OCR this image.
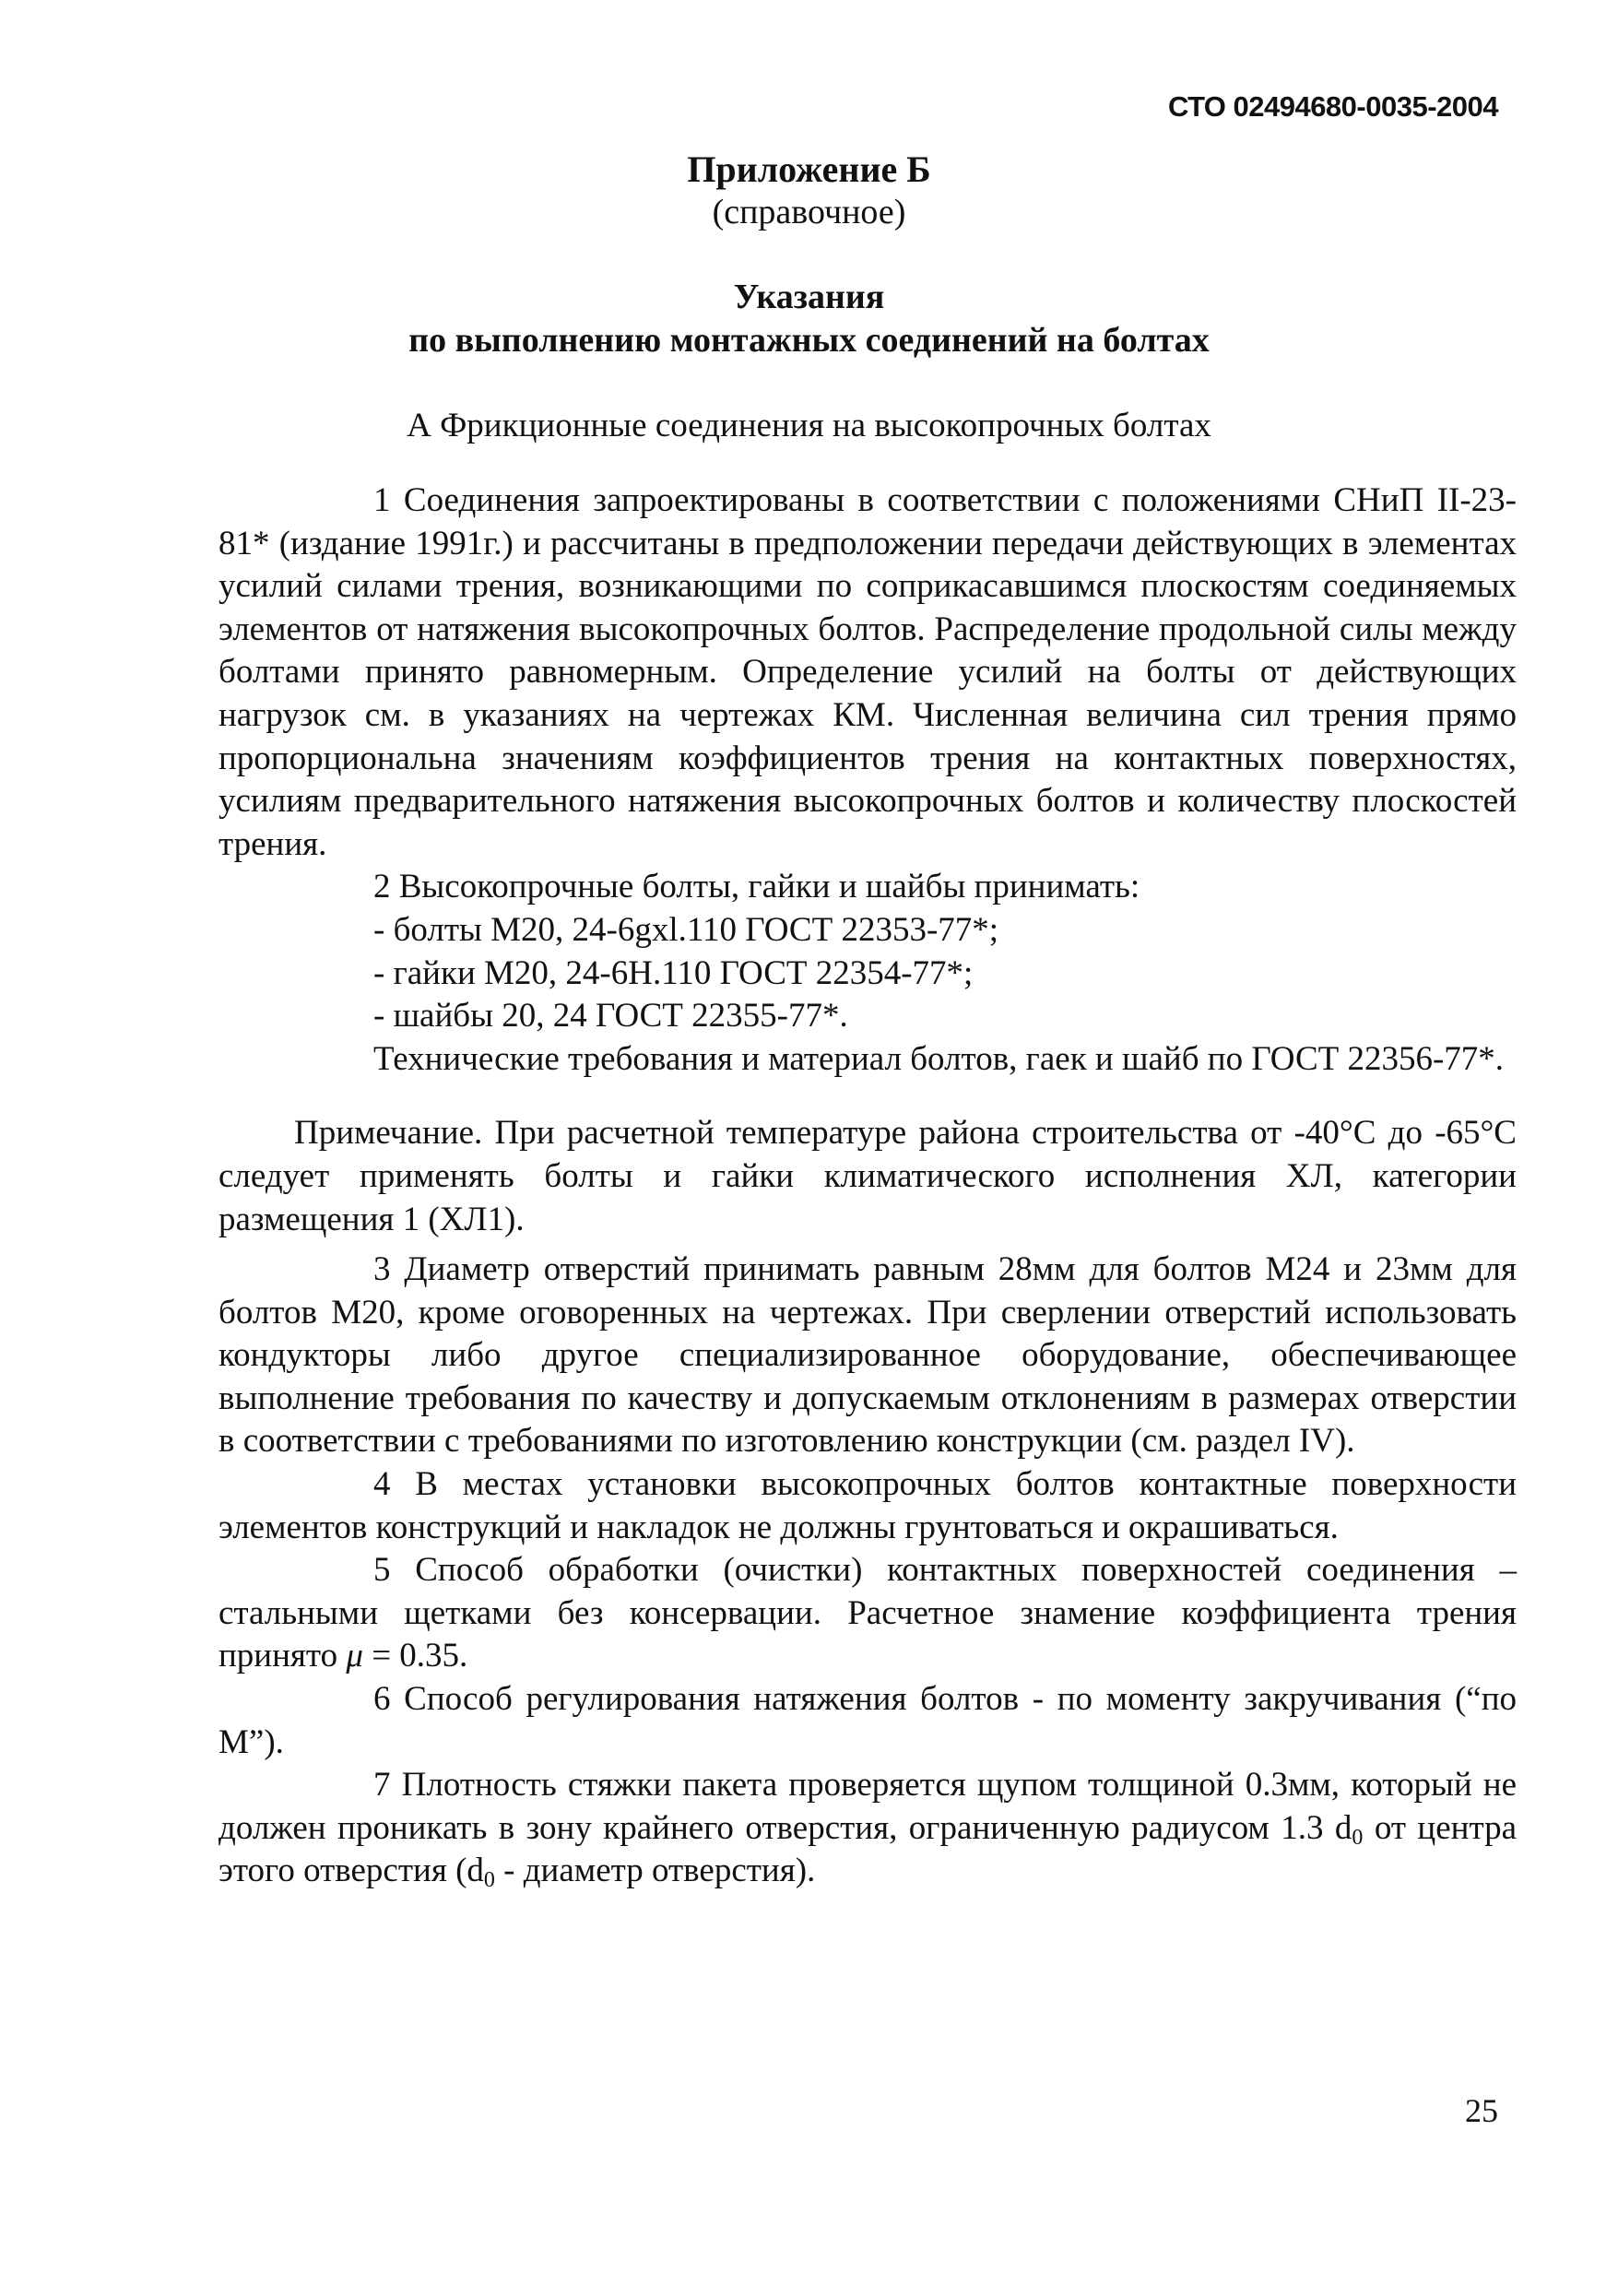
СТО 02494680-0035-2004
Приложение Б
(справочное)
Указания
по выполнению монтажных соединений на болтах
А Фрикционные соединения на высокопрочных болтах

1 Соединения запроектированы в соответствии с положениями СНиП II-23-81* (издание 1991г.) и рассчитаны в предположении передачи действующих в элементах усилий силами трения, возникающими по соприкасавшимся плоскостям соединяемых элементов от натяжения высокопрочных болтов. Распределение продольной силы между болтами принято равномерным. Определение усилий на болты от действующих нагрузок см. в указаниях на чертежах КМ. Численная величина сил трения прямо пропорциональна значениям коэффициентов трения на контактных поверхностях, усилиям предварительного натяжения высокопрочных болтов и количеству плоскостей трения.

2 Высокопрочные болты, гайки и шайбы принимать:

- болты М20, 24-6gxl.110 ГОСТ 22353-77*;

- гайки М20, 24-6Н.110 ГОСТ 22354-77*;

- шайбы 20, 24 ГОСТ 22355-77*.

Технические требования и материал болтов, гаек и шайб по ГОСТ 22356-77*.

Примечание. При расчетной температуре района строительства от -40°С до -65°С следует применять болты и гайки климатического исполнения ХЛ, категории размещения 1 (ХЛ1).

3 Диаметр отверстий принимать равным 28мм для болтов М24 и 23мм для болтов М20, кроме оговоренных на чертежах. При сверлении отверстий использовать кондукторы либо другое специализированное оборудование, обеспечивающее выполнение требования по качеству и допускаемым отклонениям в размерах отверстии в соответствии с требованиями по изготовлению конструкции (см. раздел IV).

4 В местах установки высокопрочных болтов контактные поверхности элементов конструкций и накладок не должны грунтоваться и окрашиваться.

5 Способ обработки (очистки) контактных поверхностей соединения – стальными щетками без консервации. Расчетное знамение коэффициента трения принято μ = 0.35.

6 Способ регулирования натяжения болтов - по моменту закручивания (“по М”).

7 Плотность стяжки пакета проверяется щупом толщиной 0.3мм, который не должен проникать в зону крайнего отверстия, ограниченную радиусом 1.3 $d_0$ от центра этого отверстия ($d_0$ - диаметр отверстия).

25
